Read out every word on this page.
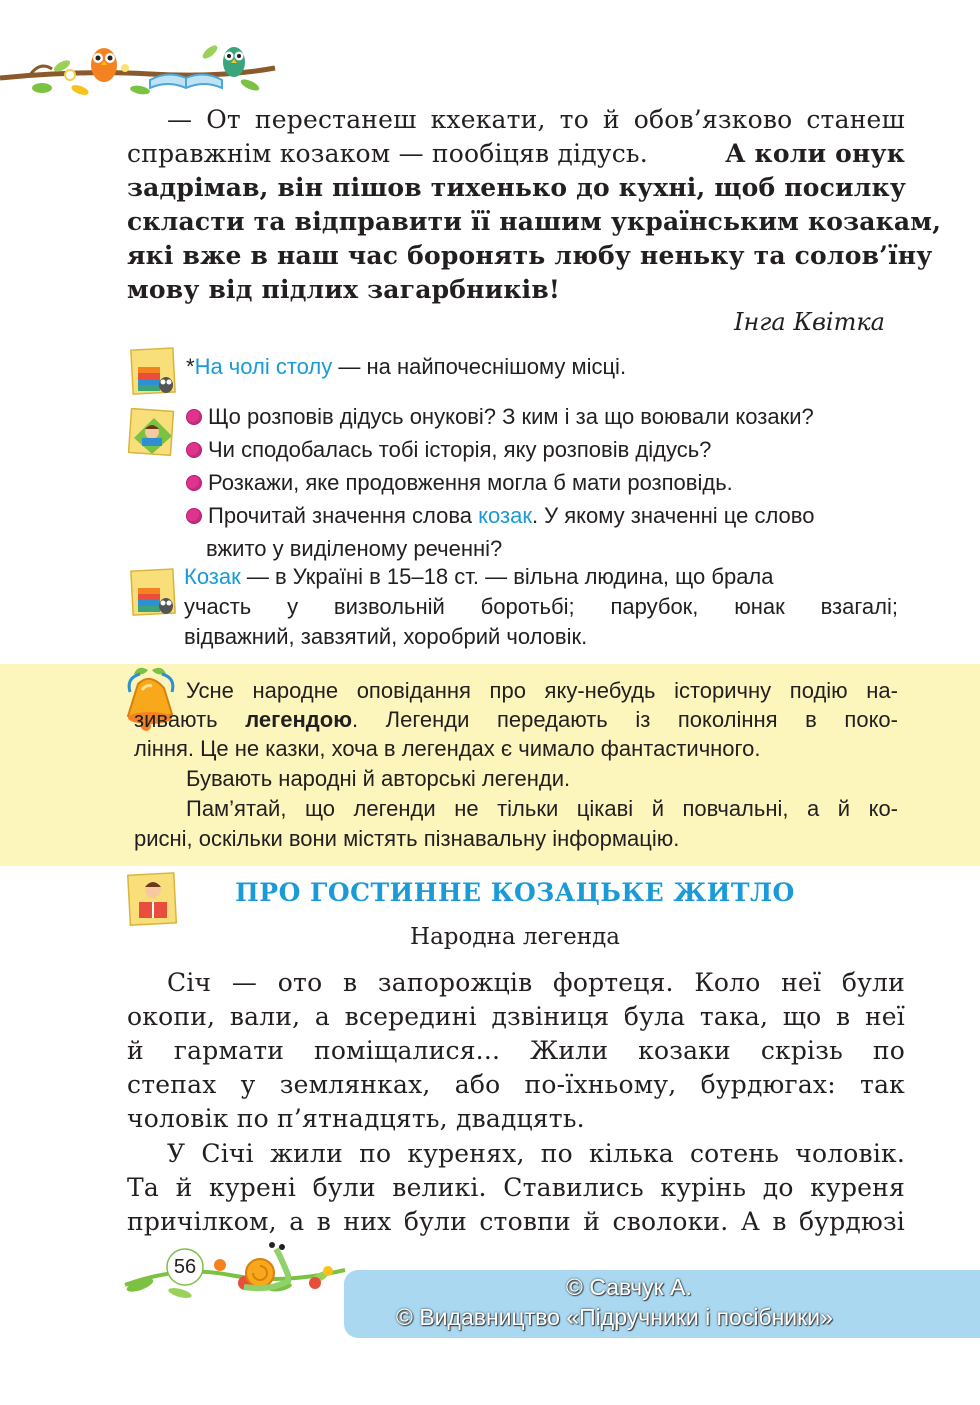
— От перестанеш кхекати, то й обов’язково станеш
справжнім козаком — пообіцяв дідусь.	А коли онук
задрімав, він пішов тихенько до кухні, щоб посилку
скласти та відправити її нашим українським козакам,
які вже в наш час боронять любу неньку та солов’їну
мову від підлих загарбників!
Інга Квітка
*На чолі столу — на найпочеснішому місці.
Що розповів дідусь онукові? З ким і за що воювали козаки?
Чи сподобалась тобі історія, яку розповів дідусь?
Розкажи, яке продовження могла б мати розповідь.
Прочитай значення слова козак. У якому значенні це слово
вжито у виділеному реченні?
Козак — в Україні в 15–18 ст. — вільна людина, що брала
участь у визвольній боротьбі; парубок, юнак взагалі;
відважний, завзятий, хоробрий чоловік.
Усне народне оповідання про яку-небудь історичну подію на-
зивають легендою. Легенди передають із покоління в поко-
ління. Це не казки, хоча в легендах є чимало фантастичного.
Бувають народні й авторські легенди.
Пам’ятай, що легенди не тільки цікаві й повчальні, а й ко-
рисні, оскільки вони містять пізнавальну інформацію.
ПРО ГОСТИННЕ КОЗАЦЬКЕ ЖИТЛО
Народна легенда
Січ — ото в запорожців фортеця. Коло неї були
окопи, вали, а всередині дзвіниця була така, що в неї
й гармати поміщалися... Жили козаки скрізь по
степах у землянках, або по-їхньому, бурдюгах: так
чоловік по п’ятнадцять, двадцять.
У Січі жили по куренях, по кілька сотень чоловік.
Та й курені були великі. Ставились курінь до куреня
причілком, а в них були стовпи й сволоки. А в бурдюзі
56
© Савчук А.
© Видавництво «Підручники і посібники»
